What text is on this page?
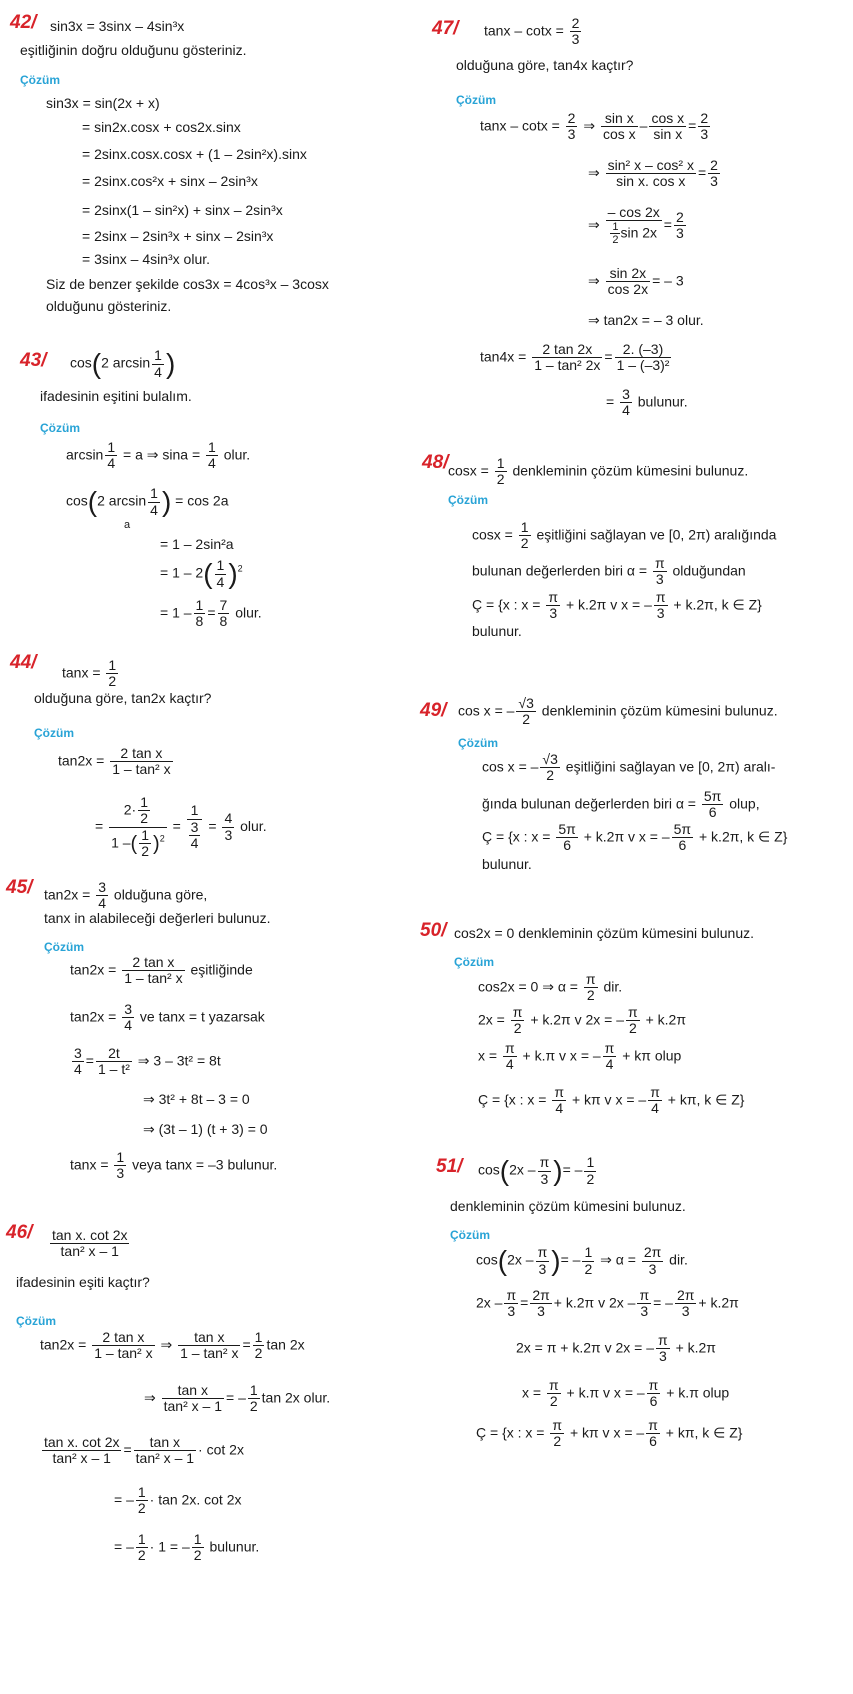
42/ sin3x = 3sinx – 4sin³x
eşitliğinin doğru olduğunu gösteriniz.
Çözüm
sin3x = sin(2x + x)
= sin2x.cosx + cos2x.sinx
= 2sinx.cosx.cosx + (1 – 2sin²x).sinx
= 2sinx.cos²x + sinx – 2sin³x
= 2sinx(1 – sin²x) + sinx – 2sin³x
= 2sinx – 2sin³x + sinx – 2sin³x
= 3sinx – 4sin³x olur.
Siz de benzer şekilde cos3x = 4cos³x – 3cosx
olduğunu gösteriniz.
43/ cos(2 $\arcsin \frac{1}{4}$ )
ifadesinin eşitini bulalım.
Çözüm
$\arcsin \frac{1}{4} = a$ ⇒ $\sin a = \frac{1}{4}$ olur.
cos(2 $\arcsin \frac{1}{4}$ ) = cos 2a
a
= 1 – 2sin²a
= $1 - 2( \frac{1}{4} )^2$
= $1 - \frac{1}{8} = \frac{7}{8}$ olur.
44/ $\tan x = \frac{1}{2}$
olduğuna göre, tan2x kaçtır?
Çözüm
$\tan 2x = \frac{\text{2 tan x}}{\text{1 – tan² x}}$
= $\frac{2\cdot \frac{1}{2}}{1 -( \frac{1}{2} )^2} = \frac{1}{\frac{3}{4}} = \frac{4}{3}$ olur.
45/ $\tan 2x = \frac{3}{4}$ olduğuna göre,
tanx in alabileceği değerleri bulunuz.
Çözüm
$\tan 2x = \frac{\text{2 tan x}}{\text{1 – tan² x}}$ eşitliğinde
$\tan 2x = \frac{3}{4}$ ve tanx = t yazarsak
$\frac{3}{4} = \frac{2t}{\text{1 – t²}}$ ⇒ 3 – 3t² = 8t
⇒ 3t² + 8t – 3 = 0
⇒ (3t – 1) (t + 3) = 0
$\tan x = \frac{1}{3}$ veya tanx = –3 bulunur.
$46/ \frac{\text{tan x. cot 2x}}{\text{tan² x – 1}}$
ifadesinin eşiti kaçtır?
Çözüm
$\tan 2x = \frac{\text{2 tan x}}{\text{1 – tan² x}}$ ⇒ $\frac{\text{tan x}}{\text{1 – tan² x}} = \frac{1}{2}$ tan 2x
⇒ $\frac{\text{tan x}}{\text{tan² x – 1}}$ = – $\frac{1}{2}$ tan 2x olur.
$\frac{\text{tan x. cot 2x}}{\text{tan² x – 1}} = \frac{\text{tan x}}{\text{tan² x – 1}} \cdot \cot 2x$
= – $\frac{1}{2} \cdot \tan 2x$. cot 2x
= – $\frac{1}{2} \cdot 1$ = – $\frac{1}{2}$ bulunur.
47/ $\tan x - \cot x = \frac{2}{3}$
olduğuna göre, tan4x kaçtır?
Çözüm
$\tan x - \cot x = \frac{2}{3}$ ⇒ $\frac{\text{sin x}}{\text{cos x}} - \frac{\text{cos x}}{\text{sin x}} = \frac{2}{3}$
⇒ $\frac{\text{sin² x – cos² x}}{\text{sin x. cos x}} = \frac{2}{3}$
⇒ $\frac{- \cos 2x}{\frac{1}{2} \sin 2x} = \frac{2}{3}$
⇒ $\frac{\sin 2x}{\cos 2x}$ = – 3
⇒ tan2x = – 3 olur.
$\tan 4x = \frac{2 \tan 2x}{\text{1 – tan² 2x}} = \frac{2. (-3)}{\text{1 – (–3)²}}$
= $\frac{3}{4}$ bulunur.
48/ $\cos x = \frac{1}{2}$ denkleminin çözüm kümesini bulunuz.
Çözüm
$\cos x = \frac{1}{2}$ eşitliğini sağlayan ve [0, 2π) aralığında
bulunan değerlerden biri $\alpha = \frac{\pi}{3}$ olduğundan
Ç = {x : $x = \frac{\pi}{3} + k.2\pi$ v x = – $\frac{\pi}{3} + k.2\pi$, k ∈ Z}
bulunur.
49/ cos x = – $\frac{√3}{2}$ denkleminin çözüm kümesini bulunuz.
Çözüm
cos x = – $\frac{√3}{2}$ eşitliğini sağlayan ve [0, 2π) aralı-
ğında bulunan değerlerden biri $\alpha = \frac{5\pi}{6}$ olup,
Ç = {x : $x = \frac{5\pi}{6} + k.2\pi$ v x = – $\frac{5\pi}{6} + k.2\pi$, k ∈ Z}
bulunur.
50/ cos2x = 0 denkleminin çözüm kümesini bulunuz.
Çözüm
cos2x = 0 ⇒ $\alpha = \frac{\pi}{2}$ dir.
$2x = \frac{\pi}{2} + k.2\pi$ v 2x = – $\frac{\pi}{2} + k.2\pi$
$x = \frac{\pi}{4} + k.\pi$ v x = – $\frac{\pi}{4} + k\pi$ olup
Ç = {x : $x = \frac{\pi}{4} + k\pi$ v x = – $\frac{\pi}{4} + k\pi$, k ∈ Z}
51/ $\cos(2x - \frac{\pi}{3}$ )= – $\frac{1}{2}$
denkleminin çözüm kümesini bulunuz.
Çözüm
$\cos(2x - \frac{\pi}{3}$ )= – $\frac{1}{2}$ ⇒ $\alpha = \frac{2\pi}{3}$ dir.
$2x - \frac{\pi}{3} = \frac{2\pi}{3} + k.2\pi$ v $2x - \frac{\pi}{3}$ = – $\frac{2\pi}{3} + k.2\pi$
2x = π + k.2π v 2x = – $\frac{\pi}{3} + k.2\pi$
$x = \frac{\pi}{2} + k.\pi$ v x = – $\frac{\pi}{6} + k.\pi$ olup
Ç = {x : $x = \frac{\pi}{2} + k\pi$ v x = – $\frac{\pi}{6} + k\pi$, k ∈ Z}
